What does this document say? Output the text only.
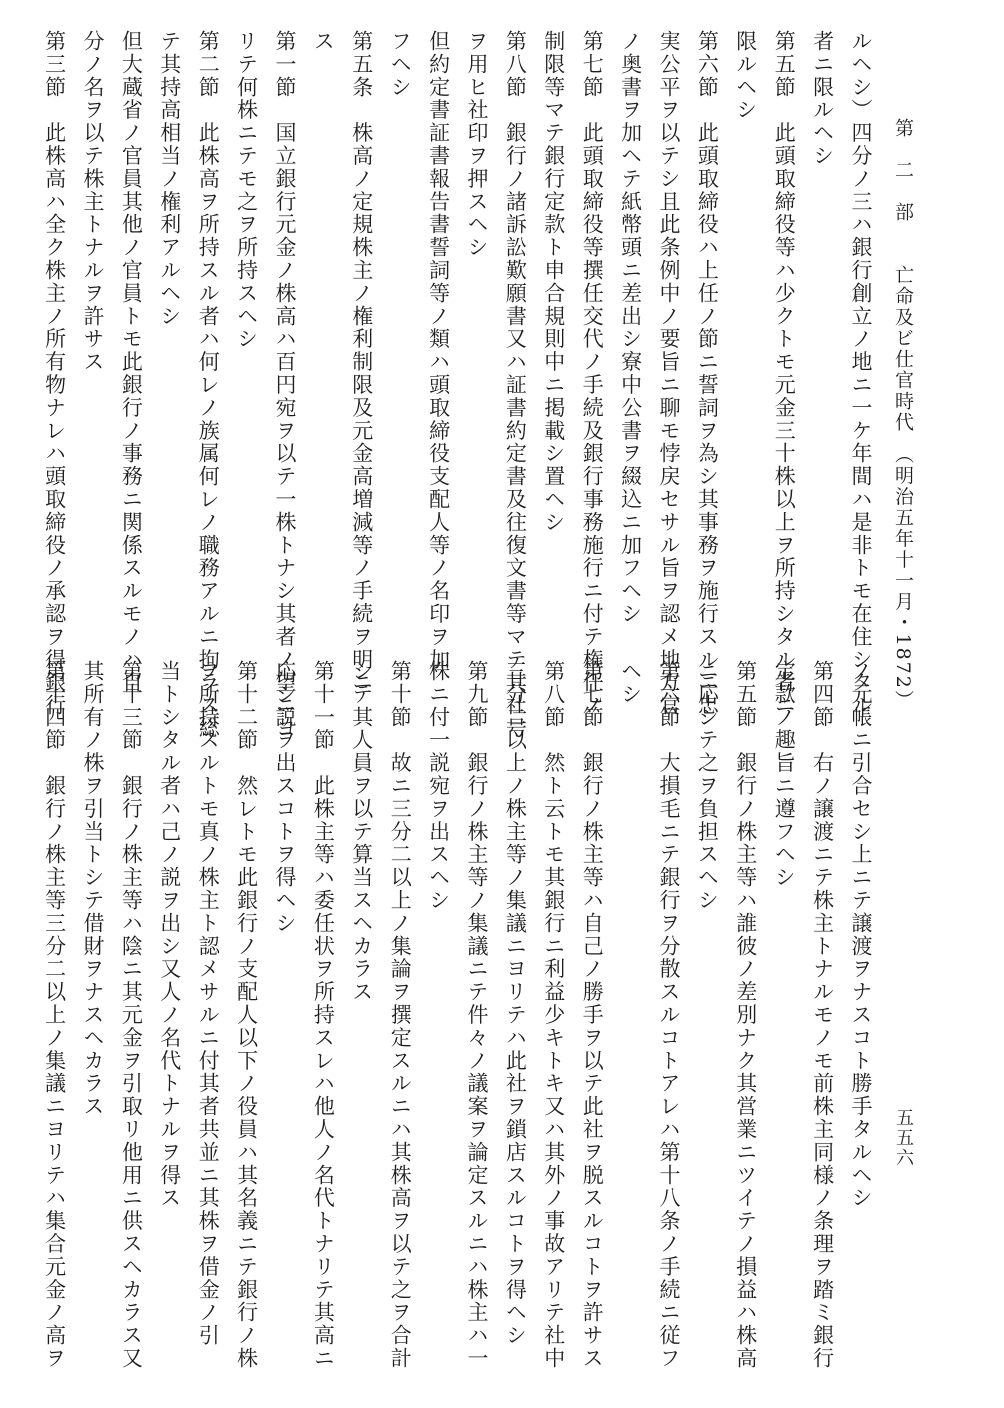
第　二　部　　亡命及ビ仕官時代　（明治五年十一月・1872）
五五六
ルヘシ）四分ノ三ハ銀行創立ノ地ニ一ケ年間ハ是非トモ在住シタル
者ニ限ルヘシ
第五節　此頭取締役等ハ少クトモ元金三十株以上ヲ所持シタル者ニ
限ルヘシ
第六節　此頭取締役ハ上任ノ節ニ誓詞ヲ為シ其事務ヲ施行スルニ忠
実公平ヲ以テシ且此条例中ノ要旨ニ聊モ悖戻セサル旨ヲ認メ地方官
ノ奥書ヲ加ヘテ紙幣頭ニ差出シ寮中公書ヲ綴込ニ加フヘシ
第七節　此頭取締役等撰任交代ノ手続及銀行事務施行ニ付テ権任ノ
制限等マテ銀行定款ト申合規則中ニ掲載シ置ヘシ
第八節　銀行ノ諸訴訟歎願書又ハ証書約定書及往復文書等マテ其社号
ヲ用ヒ社印ヲ押スヘシ
但約定書証書報告書誓詞等ノ類ハ頭取締役支配人等ノ名印ヲ加
フヘシ
第五条　株高ノ定規株主ノ権利制限及元金高増減等ノ手続ヲ明ニ
ス
第一節　国立銀行元金ノ株高ハ百円宛ヲ以テ一株トナシ其者ノ望ニヨ
リテ何株ニテモ之ヲ所持スヘシ
第二節　此株高ヲ所持スル者ハ何レノ族属何レノ職務アルニ拘ラス総
テ其持高相当ノ権利アルヘシ
但大蔵省ノ官員其他ノ官員トモ此銀行ノ事務ニ関係スルモノハ自
分ノ名ヲ以テ株主トナルヲ許サス
第三節　此株高ハ全ク株主ノ所有物ナレハ頭取締役ノ承認ヲ得銀行
ノ元帳ニ引合セシ上ニテ譲渡ヲナスコト勝手タルヘシ
第四節　右ノ譲渡ニテ株主トナルモノモ前株主同様ノ条理ヲ踏ミ銀行
定款ノ趣旨ニ遵フヘシ
第五節　銀行ノ株主等ハ誰彼ノ差別ナク其営業ニツイテノ損益ハ株高
ニ応シテ之ヲ負担スヘシ
第六節　大損毛ニテ銀行ヲ分散スルコトアレハ第十八条ノ手続ニ従フ
ヘシ
第七節　銀行ノ株主等ハ自己ノ勝手ヲ以テ此社ヲ脱スルコトヲ許サス
第八節　然ト云トモ其銀行ニ利益少キトキ又ハ其外ノ事故アリテ社中
三分二以上ノ株主等ノ集議ニヨリテハ此社ヲ鎖店スルコトヲ得ヘシ
第九節　銀行ノ株主等ノ集議ニテ件々ノ議案ヲ論定スルニハ株主ハ一
株ニ付一説宛ヲ出スヘシ
第十節　故ニ三分二以上ノ集論ヲ撰定スルニハ其株高ヲ以テ之ヲ合計
シテ其人員ヲ以テ算当スヘカラス
第十一節　此株主等ハ委任状ヲ所持スレハ他人ノ名代トナリテ其高ニ
応シ説ヲ出スコトヲ得ヘシ
第十二節　然レトモ此銀行ノ支配人以下ノ役員ハ其名義ニテ銀行ノ株
ヲ所持スルトモ真ノ株主ト認メサルニ付其者共並ニ其株ヲ借金ノ引
当トシタル者ハ己ノ説ヲ出シ又人ノ名代トナルヲ得ス
第十三節　銀行ノ株主等ハ陰ニ其元金ヲ引取リ他用ニ供スヘカラス又
其所有ノ株ヲ引当トシテ借財ヲナスヘカラス
第十四節　銀行ノ株主等三分二以上ノ集議ニヨリテハ集合元金ノ高ヲ
